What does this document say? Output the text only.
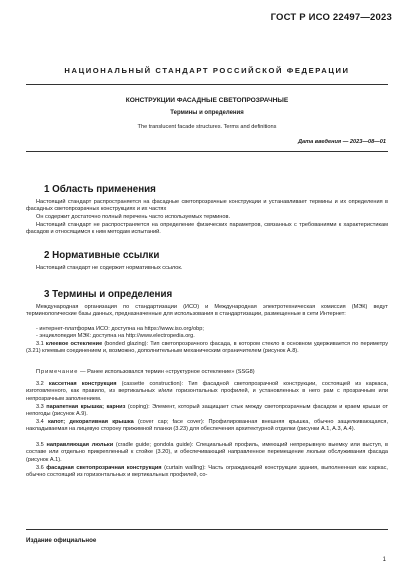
ГОСТ Р ИСО 22497—2023
НАЦИОНАЛЬНЫЙ СТАНДАРТ РОССИЙСКОЙ ФЕДЕРАЦИИ
КОНСТРУКЦИИ ФАСАДНЫЕ СВЕТОПРОЗРАЧНЫЕ
Термины и определения
The translucent facade structures. Terms and definitions
Дата введения — 2023—08—01
1 Область применения

Настоящий стандарт распространяется на фасадные светопрозрачные конструкции и устанавливает термины и их определения в фасадных светопрозрачных конструкциях и их частях

Он содержит достаточно полный перечень часто используемых терминов.

Настоящий стандарт не распространяется на определение физических параметров, связанных с требованиями к характеристикам фасадов и относящимся к ним методам испытаний.

2 Нормативные ссылки

Настоящий стандарт не содержит нормативных ссылок.

3 Термины и определения

Международная организация по стандартизации (ИСО) и Международная электротехническая комиссия (МЭК) ведут терминологические базы данных, предназначенные для использования в стандартизации, размещенные в сети Интернет:

- интернет-платформа ИСО: доступна на https://www.iso.org/obp;

- энциклопедия МЭК: доступна на http://www.electropedia.org.

3.1 клеевое остекление (bonded glazing): Тип светопрозрачного фасада, в котором стекло в основном удерживается по периметру (3.21) клеевым соединением и, возможно, дополнительным механическим ограничителем (рисунок A.8).

Примечание — Ранее использовался термин «структурное остекление» (SSG8)

3.2 кассетная конструкция (cassette construction): Тип фасадной светопрозрачной конструкции, состоящей из каркаса, изготовленного, как правило, из вертикальных и/или горизонтальных профилей, и установленных в него рам с прозрачным или непрозрачным заполнением.

3.3 парапетная крышка; карниз (coping): Элемент, который защищает стык между светопрозрачным фасадом и краем крыши от непогоды (рисунок A.9).

3.4 капот; декоративная крышка (cover cap; face cover): Профилированная внешняя крышка, обычно защелкивающаяся, накладываемая на лицевую сторону прижимной планки (3.23) для обеспечения архитектурной отделки (рисунки A.1, A.3, A.4).

3.5 направляющая люльки (cradle guide; gondola guide): Специальный профиль, имеющий непрерывную выемку или выступ, в составе или отдельно прикрепленный к стойке (3.20), и обеспечивающий направленное перемещение люльки обслуживания фасада (рисунок A.1).

3.6 фасадная светопрозрачная конструкция (curtain walling): Часть ограждающей конструкции здания, выполненная как каркас, обычно состоящий из горизонтальных и вертикальных профилей, со-

Издание официальное
1
